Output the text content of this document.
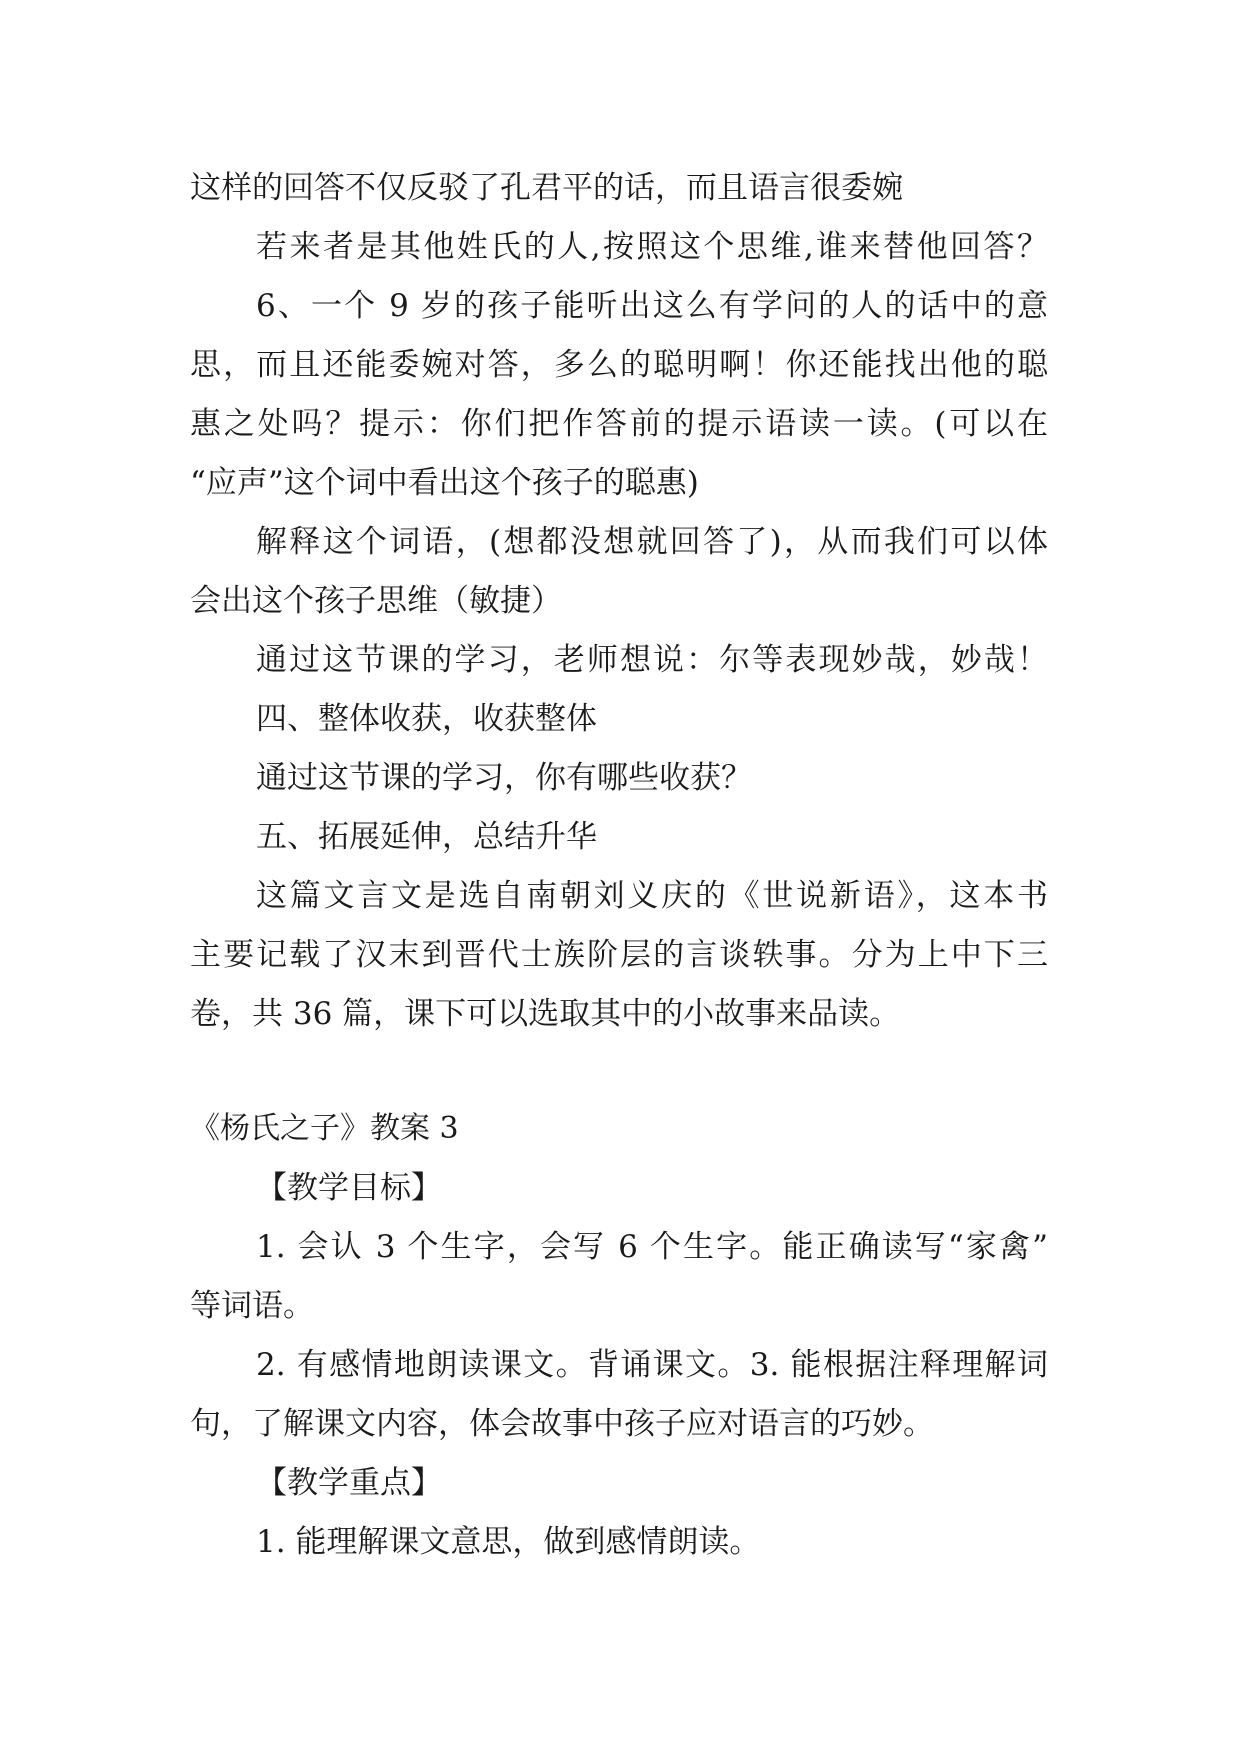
这样的回答不仅反驳了孔君平的话，而且语言很委婉
若来者是其他姓氏的人,按照这个思维,谁来替他回答？
6、一个 9 岁的孩子能听出这么有学问的人的话中的意
思，而且还能委婉对答，多么的聪明啊！你还能找出他的聪
惠之处吗？提示：你们把作答前的提示语读一读。(可以在
“应声”这个词中看出这个孩子的聪惠)
解释这个词语，(想都没想就回答了)，从而我们可以体
会出这个孩子思维（敏捷）
通过这节课的学习，老师想说：尔等表现妙哉，妙哉！
四、整体收获，收获整体
通过这节课的学习，你有哪些收获？
五、拓展延伸，总结升华
这篇文言文是选自南朝刘义庆的《世说新语》，这本书
主要记载了汉末到晋代士族阶层的言谈轶事。分为上中下三
卷，共 36 篇，课下可以选取其中的小故事来品读。
《杨氏之子》教案 3
【教学目标】
1. 会认 3 个生字，会写 6 个生字。能正确读写“家禽”
等词语。
2. 有感情地朗读课文。背诵课文。3. 能根据注释理解词
句，了解课文内容，体会故事中孩子应对语言的巧妙。
【教学重点】
1. 能理解课文意思，做到感情朗读。
